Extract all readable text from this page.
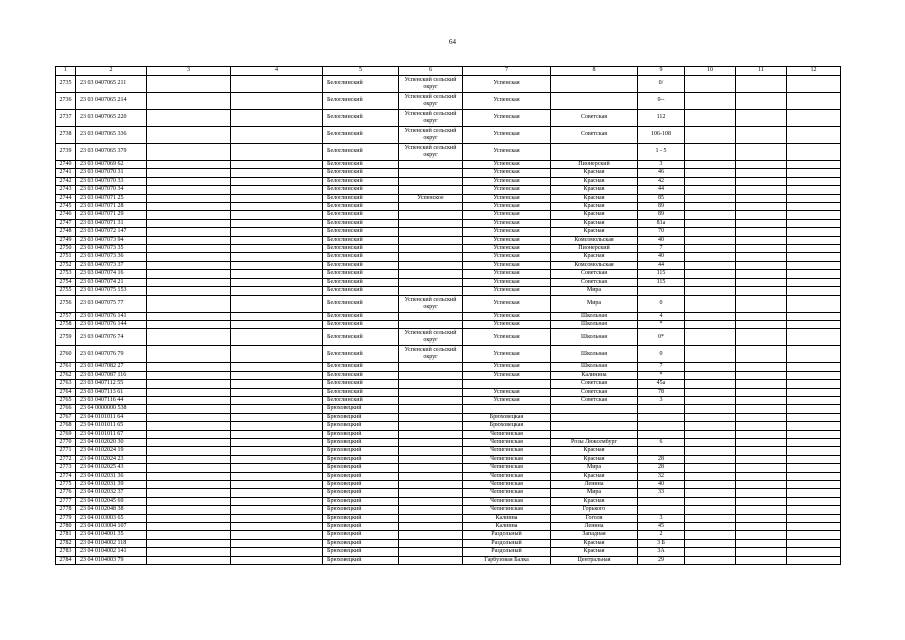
64
1	2	3	4	5	6	7	8	9	10	11	12
2735	23 03 0407065 211			Белоглинский	Успенский сельский округ	Успенская		0/			
2736	23 03 0407065 214			Белоглинский	Успенский сельский округ	Успенская		0--			
2737	23 03 0407065 220			Белоглинский	Успенский сельский округ	Успенская	Советская	112			
2738	23 03 0407065 336			Белоглинский	Успенский сельский округ	Успенская	Советская	106-108			
2739	23 03 0407065 379			Белоглинский	Успенский сельский округ	Успенская		1 - 5			
2740	23 03 0407069 62			Белоглинский		Успенская	Пионерский	3			
2741	23 03 0407070 31			Белоглинский		Успенская	Красная	46			
2742	23 03 0407070 33			Белоглинский		Успенская	Красная	42			
2743	23 03 0407070 34			Белоглинский		Успенская	Красная	44			
2744	23 03 0407071 25			Белоглинский	Успенское	Успенская	Красная	85			
2745	23 03 0407071 28			Белоглинский		Успенская	Красная	89			
2746	23 03 0407071 29			Белоглинский		Успенская	Красная	89			
2747	23 03 0407071 31			Белоглинский		Успенская	Красная	81а			
2748	23 03 0407072 147			Белоглинский		Успенская	Красная	70			
2749	23 03 0407073 94			Белоглинский		Успенская	Комсомольская	40			
2750	23 03 0407073 35			Белоглинский		Успенская	Пионерский	7			
2751	23 03 0407073 36			Белоглинский		Успенская	Красная	40			
2752	23 03 0407073 37			Белоглинский		Успенская	Комсомольская	44			
2753	23 03 0407074 16			Белоглинский		Успенская	Советская	115			
2754	23 03 0407074 21			Белоглинский		Успенская	Советская	115			
2755	23 03 0407075 153			Белоглинский		Успенская	Мира				
2756	23 03 0407075 77			Белоглинский	Успенский сельский округ	Успенская	Мира	0			
2757	23 03 0407076 141			Белоглинский		Успенская	Школьная	4			
2758	23 03 0407076 144			Белоглинский		Успенская	Школьная	*			
2759	23 03 0407076 74			Белоглинский	Успенский сельский округ	Успенская	Школьная	0*			
2760	23 03 0407076 79			Белоглинский	Успенский сельский округ	Успенская	Школьная	0			
2761	23 03 0407082 27			Белоглинский		Успенская	Школьная	7			
2762	23 03 0407087 116			Белоглинский		Успенская	Калинина	*			
2763	23 03 0407112 55			Белоглинский			Советская	45а			
2764	23 03 0407113 61			Белоглинский		Успенская	Советская	78			
2765	23 03 0407116 44			Белоглинский		Успенская	Советская	3			
2766	23 04 0000000 538			Брюховецкий							
2767	23 04 0101011 64			Брюховецкий		Брюховецкая					
2768	23 04 0101011 65			Брюховецкий		Брюховецкая					
2769	23 04 0101011 67			Брюховецкий		Чепигинская					
2770	23 04 0102020 30			Брюховецкий		Чепигинская	Розы Люксембург	6			
2771	23 04 0102024 19			Брюховецкий		Чепигинская	Красная				
2772	23 04 0102024 23			Брюховецкий		Чепигинская	Красная	28			
2773	23 04 0102025 43			Брюховецкий		Чепигинская	Мира	28			
2774	23 04 0102031 36			Брюховецкий		Чепигинская	Красная	32			
2775	23 04 0102031 39			Брюховецкий		Чепигинская	Ленина	40			
2776	23 04 0102032 37			Брюховецкий		Чепигинская	Мира	33			
2777	23 04 0102045 69			Брюховецкий		Чепигинская	Красная				
2778	23 04 0102048 38			Брюховецкий		Чепигинская	Горького				
2779	23 04 0103003 65			Брюховецкий		Калнина	Гоголя	3			
2780	23 04 0103004 107			Брюховецкий		Калнина	Ленина	45			
2781	23 04 0104001 35			Брюховецкий		Раздольный	Западная	2			
2782	23 04 0104002 118			Брюховецкий		Раздольный	Красная	3 Б			
2783	23 04 0104002 141			Брюховецкий		Раздольный	Красная	3А			
2784	23 04 0104003 79			Брюховецкий		Гарбузовая Балка	Центральная	29			
